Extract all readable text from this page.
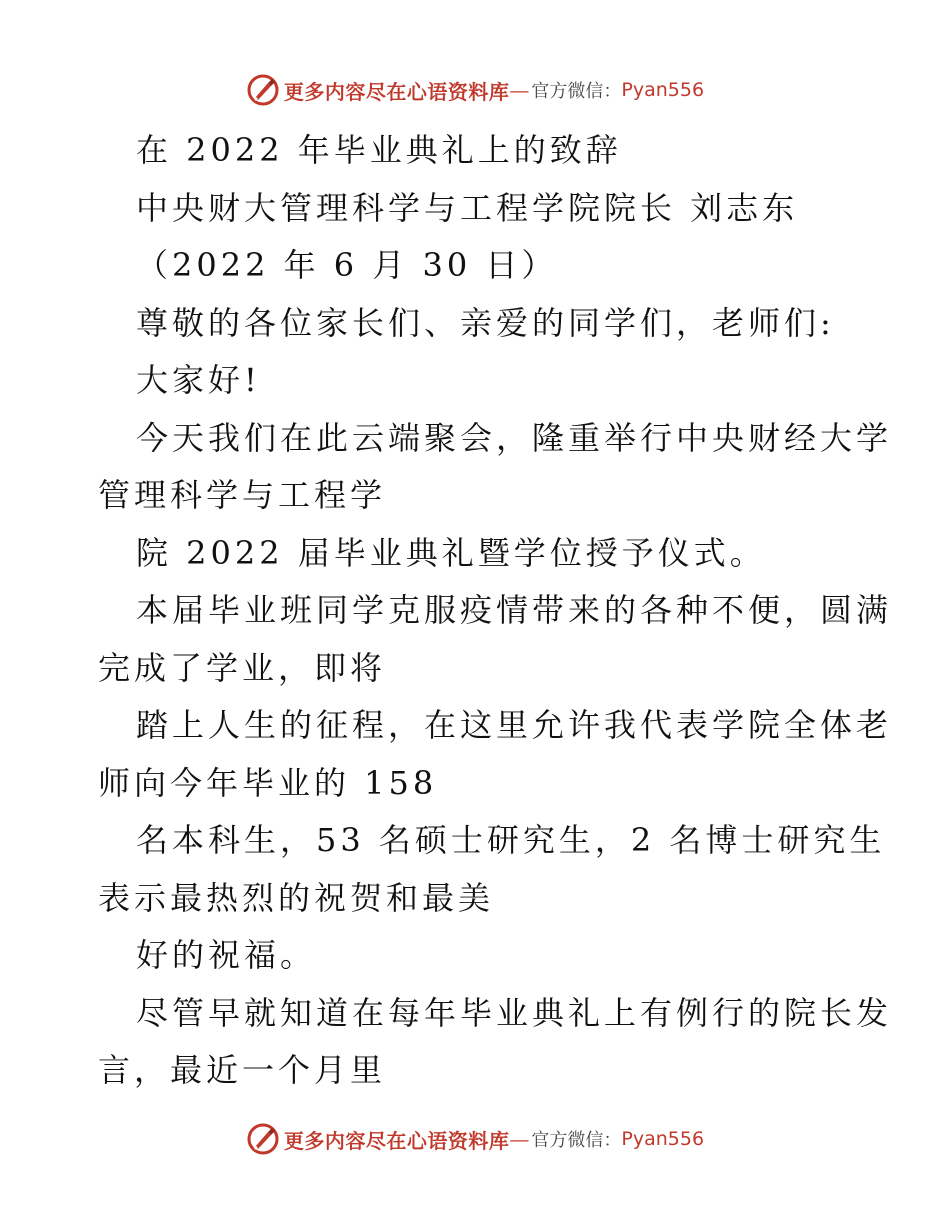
更多内容尽在心语资料库 — 官方微信： Pyan556
在 2022 年毕业典礼上的致辞
中央财大管理科学与工程学院院长 刘志东
（2022 年 6 月 30 日）
尊敬的各位家长们、亲爱的同学们，老师们:
大家好!
今天我们在此云端聚会，隆重举行中央财经大学
管理科学与工程学
院 2022 届毕业典礼暨学位授予仪式。
本届毕业班同学克服疫情带来的各种不便，圆满
完成了学业，即将
踏上人生的征程，在这里允许我代表学院全体老
师向今年毕业的 158
名本科生，53 名硕士研究生，2 名博士研究生
表示最热烈的祝贺和最美
好的祝福。
尽管早就知道在每年毕业典礼上有例行的院长发
言，最近一个月里
更多内容尽在心语资料库 — 官方微信： Pyan556
